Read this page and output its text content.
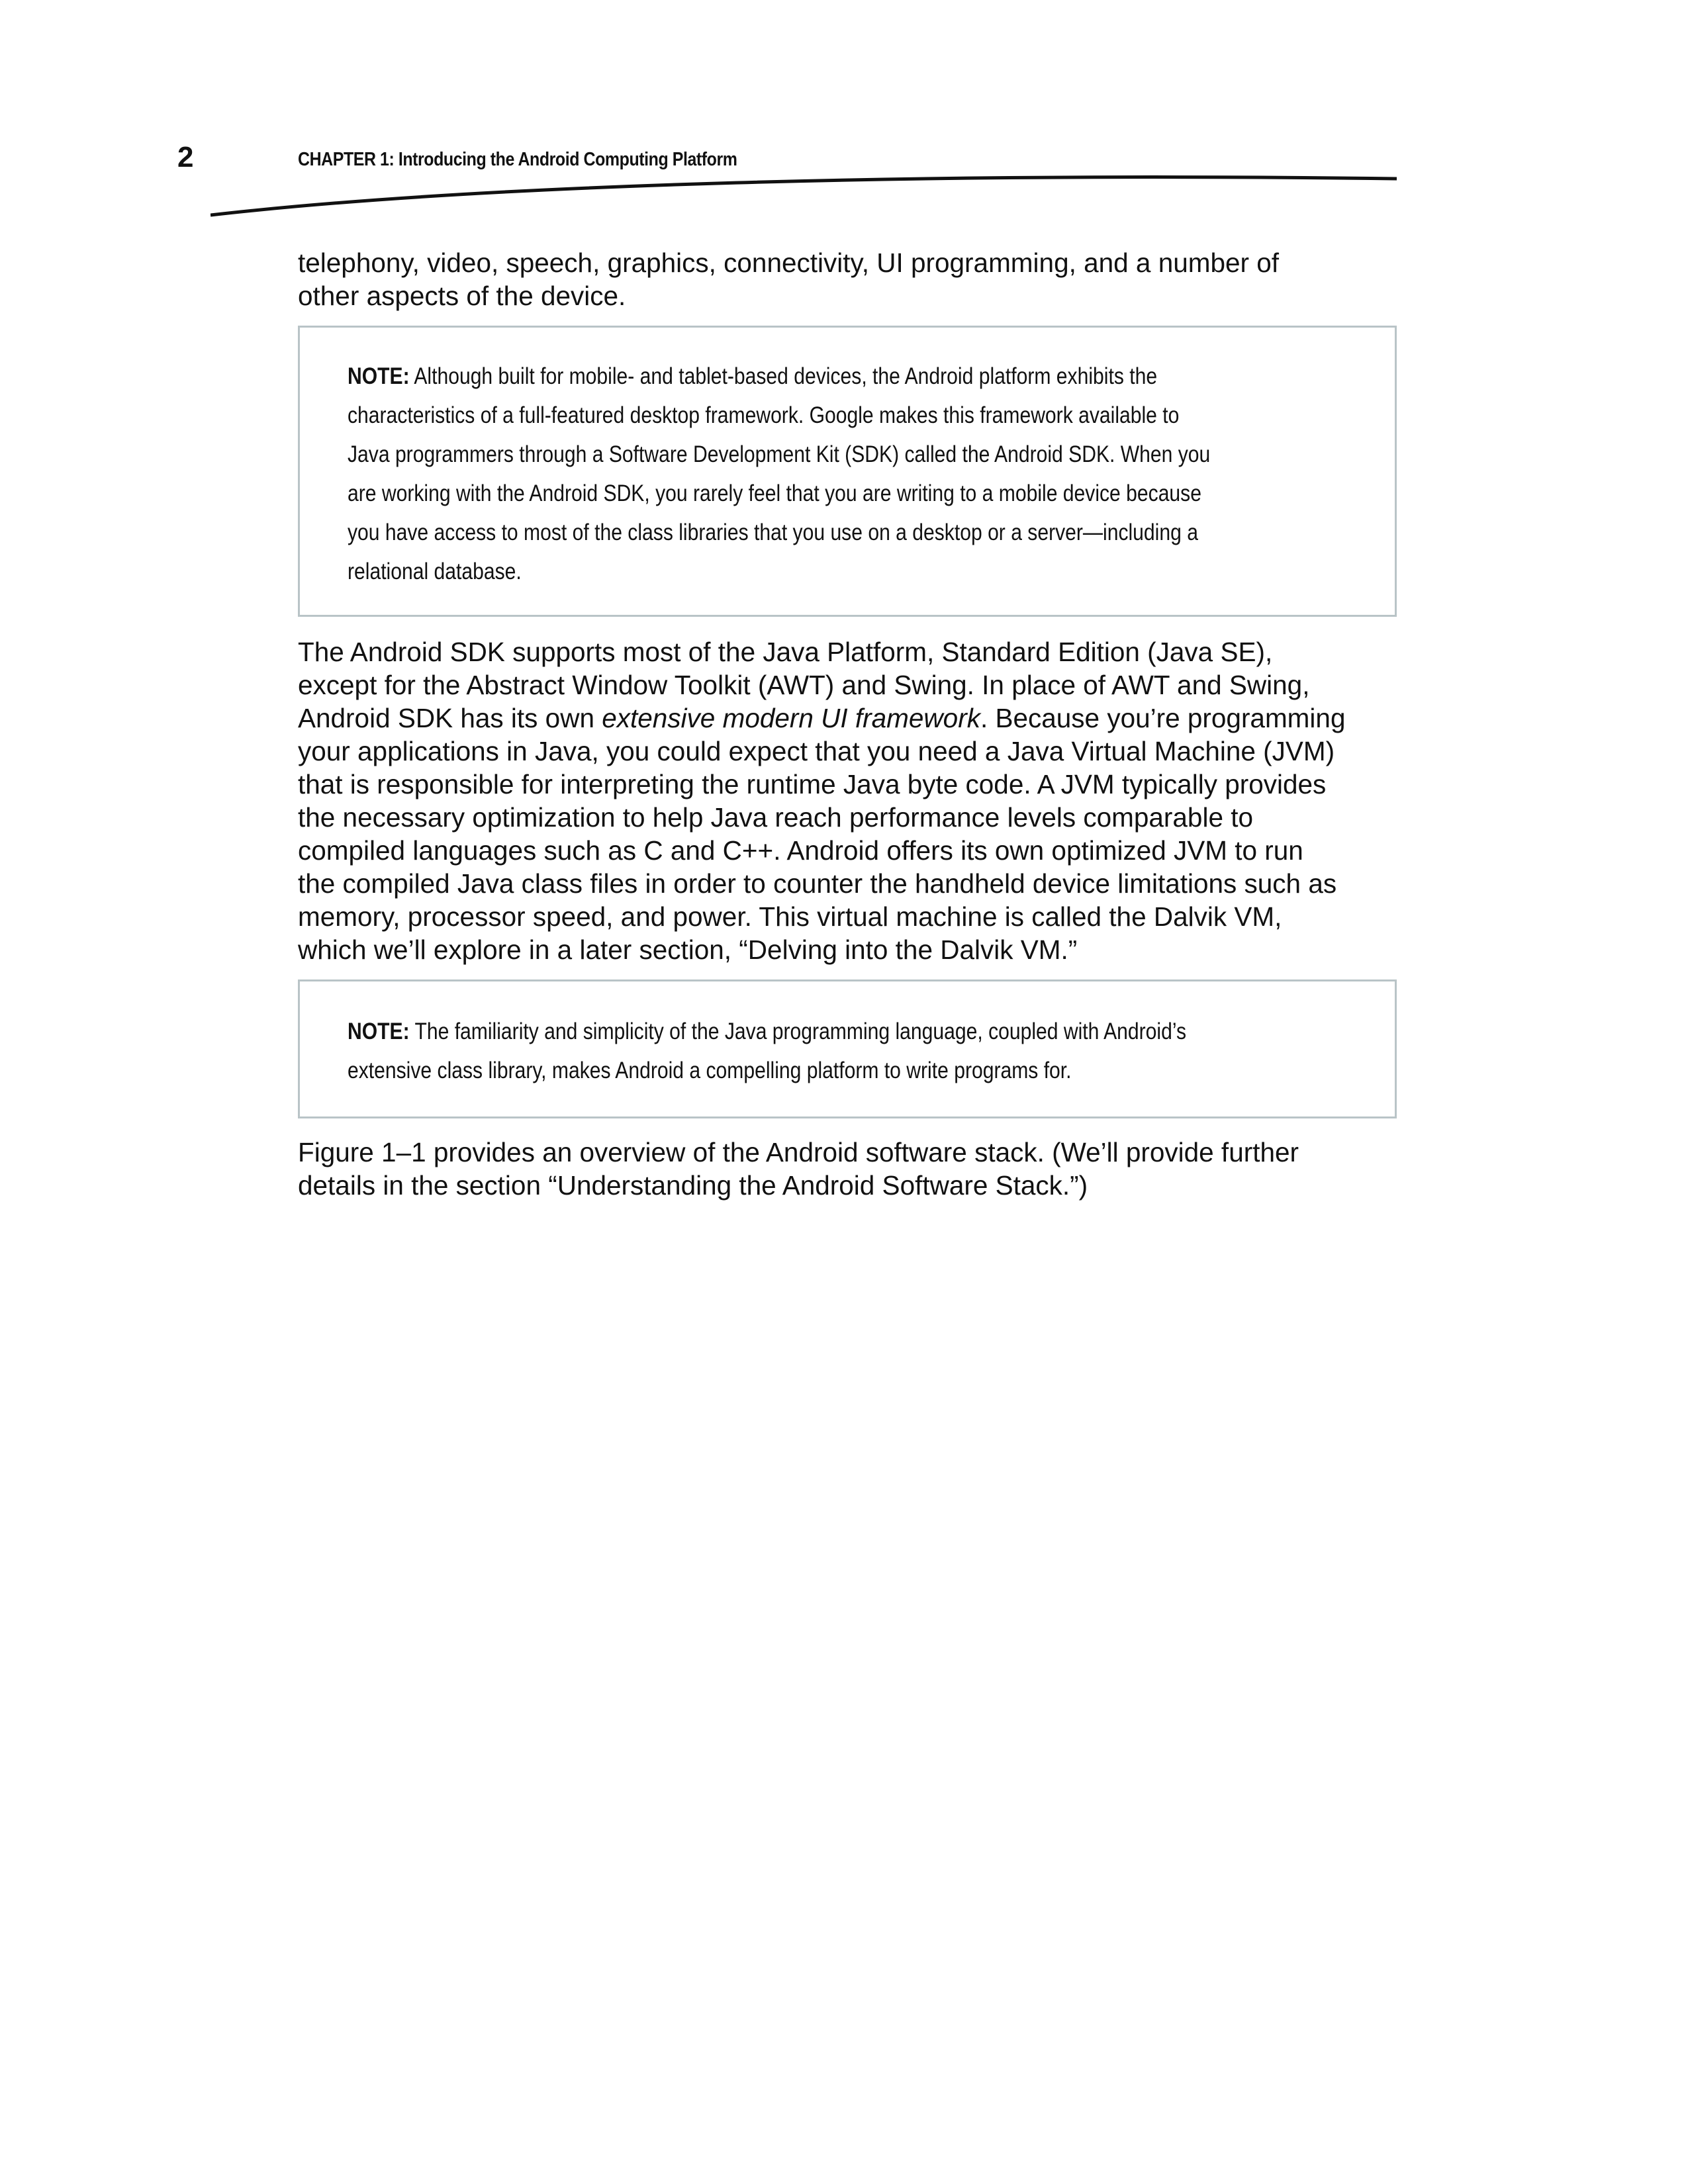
2	CHAPTER 1: Introducing the Android Computing Platform

telephony, video, speech, graphics, connectivity, UI programming, and a number of
other aspects of the device.

NOTE: Although built for mobile- and tablet-based devices, the Android platform exhibits the
characteristics of a full-featured desktop framework. Google makes this framework available to
Java programmers through a Software Development Kit (SDK) called the Android SDK. When you
are working with the Android SDK, you rarely feel that you are writing to a mobile device because
you have access to most of the class libraries that you use on a desktop or a server—including a
relational database.

The Android SDK supports most of the Java Platform, Standard Edition (Java SE),
except for the Abstract Window Toolkit (AWT) and Swing. In place of AWT and Swing,
Android SDK has its own extensive modern UI framework. Because you’re programming
your applications in Java, you could expect that you need a Java Virtual Machine (JVM)
that is responsible for interpreting the runtime Java byte code. A JVM typically provides
the necessary optimization to help Java reach performance levels comparable to
compiled languages such as C and C++. Android offers its own optimized JVM to run
the compiled Java class files in order to counter the handheld device limitations such as
memory, processor speed, and power. This virtual machine is called the Dalvik VM,
which we’ll explore in a later section, “Delving into the Dalvik VM.”

NOTE: The familiarity and simplicity of the Java programming language, coupled with Android’s
extensive class library, makes Android a compelling platform to write programs for.

Figure 1–1 provides an overview of the Android software stack. (We’ll provide further
details in the section “Understanding the Android Software Stack.”)
